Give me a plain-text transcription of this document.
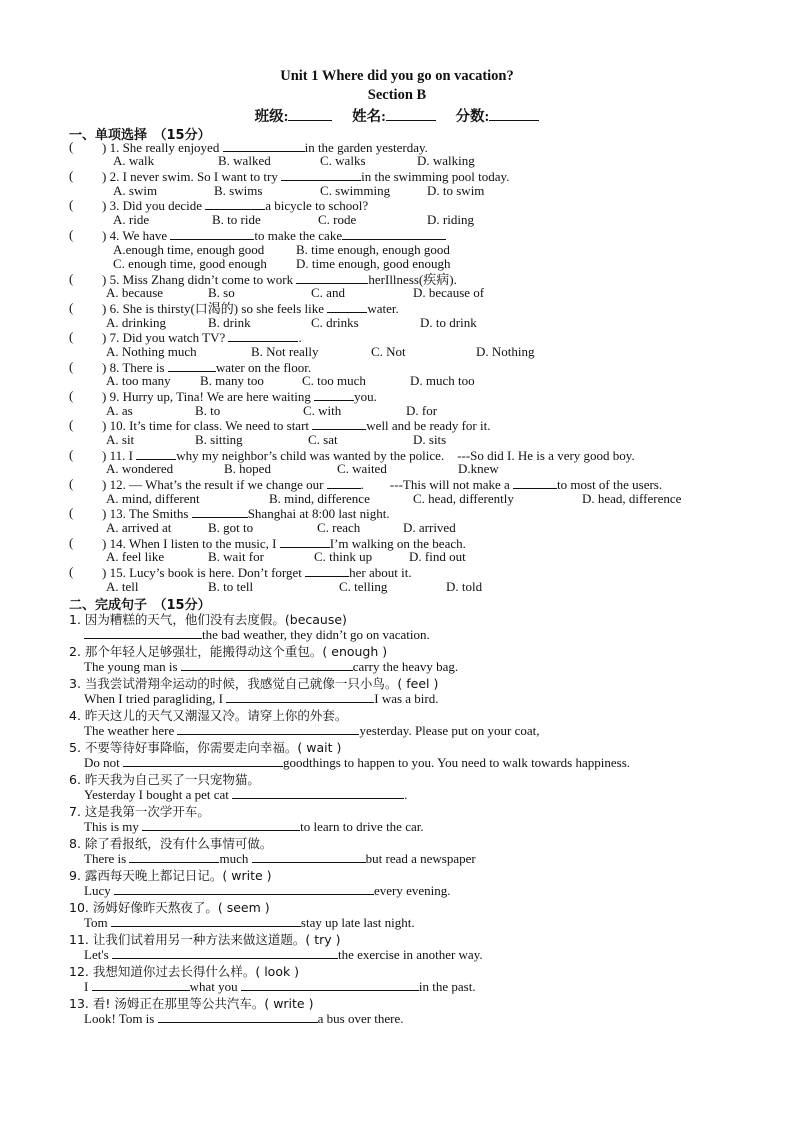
Unit 1 Where did you go on vacation?
Section B
班级:	姓名:	分数:
一、单项选择　（15分）
( ) 1. She really enjoyed	in the garden yesterday.
A. walk	B. walked	C. walks	D. walking
( ) 2. I never swim. So I want to try	in the swimming pool today.
A. swim	B. swims	C. swimming	D. to swim
( ) 3. Did you decide	a bicycle to school?
A. ride	B. to ride	C. rode	D. riding
( ) 4. We have	to make the cake
A.enough time, enough good B. time enough, enough good
C. enough time, good enough D. time enough, good enough
( ) 5. Miss Zhang didn’t come to work	herIllness(疾病).
A. because	B. so	C. and	D. because of
( ) 6. She is thirsty(口渴的) so she feels like	water.
A. drinking	B. drink	C. drinks	D. to drink
( ) 7. Did you watch TV?	.
A. Nothing much	B. Not really	C. Not	D. Nothing
( ) 8. There is	water on the floor.
A. too many B. many too	C. too much	D. much too
( ) 9. Hurry up, Tina! We are here waiting	you.
A. as	B. to	C. with	D. for
( ) 10. It’s time for class. We need to start	well and be ready for it.
A. sit	B. sitting	C. sat	D. sits
( ) 11. I	why my neighbor’s child was wanted by the police.　---So did I. He is a very good boy.
A. wondered	B. hoped	C. waited	D.knew
( ) 12. — What’s the result if we change our	.　　---This will not make a	to most of the users.
A. mind, different	B. mind, difference	C. head, differently	D. head, difference
( ) 13. The Smiths	Shanghai at 8:00 last night.
A. arrived at	B. got to	C. reach	D. arrived
( ) 14. When I listen to the music, I	I’m walking on the beach.
A. feel like	B. wait for	C. think up	D. find out
( ) 15. Lucy’s book is here. Don’t forget	her about it.
A. tell	B. to tell	C. telling	D. told
二、完成句子　（15分）
1. 因为糟糕的天气，他们没有去度假。(because)
the bad weather, they didn’t go on vacation.
2. 那个年轻人足够强壮，能搬得动这个重包。( enough )
The young man is	carry the heavy bag.
3. 当我尝试滑翔伞运动的时候，我感觉自己就像一只小鸟。( feel )
When I tried paragliding, I	I was a bird.
4. 昨天这儿的天气又潮湿又冷。请穿上你的外套。
The weather here	yesterday. Please put on your coat,
5. 不要等待好事降临，你需要走向幸福。( wait )
Do not	goodthings to happen to you. You need to walk towards happiness.
6. 昨天我为自己买了一只宠物猫。
Yesterday I bought a pet cat	.
7. 这是我第一次学开车。
This is my	to learn to drive the car.
8. 除了看报纸，没有什么事情可做。
There is	much	but read a newspaper
9. 露西每天晚上都记日记。( write )
Lucy	every evening.
10. 汤姆好像昨天熬夜了。( seem )
Tom	stay up late last night.
11. 让我们试着用另一种方法来做这道题。( try )
Let's	the exercise in another way.
12. 我想知道你过去长得什么样。( look )
I	what you	in the past.
13. 看! 汤姆正在那里等公共汽车。( write )
Look! Tom is	a bus over there.
